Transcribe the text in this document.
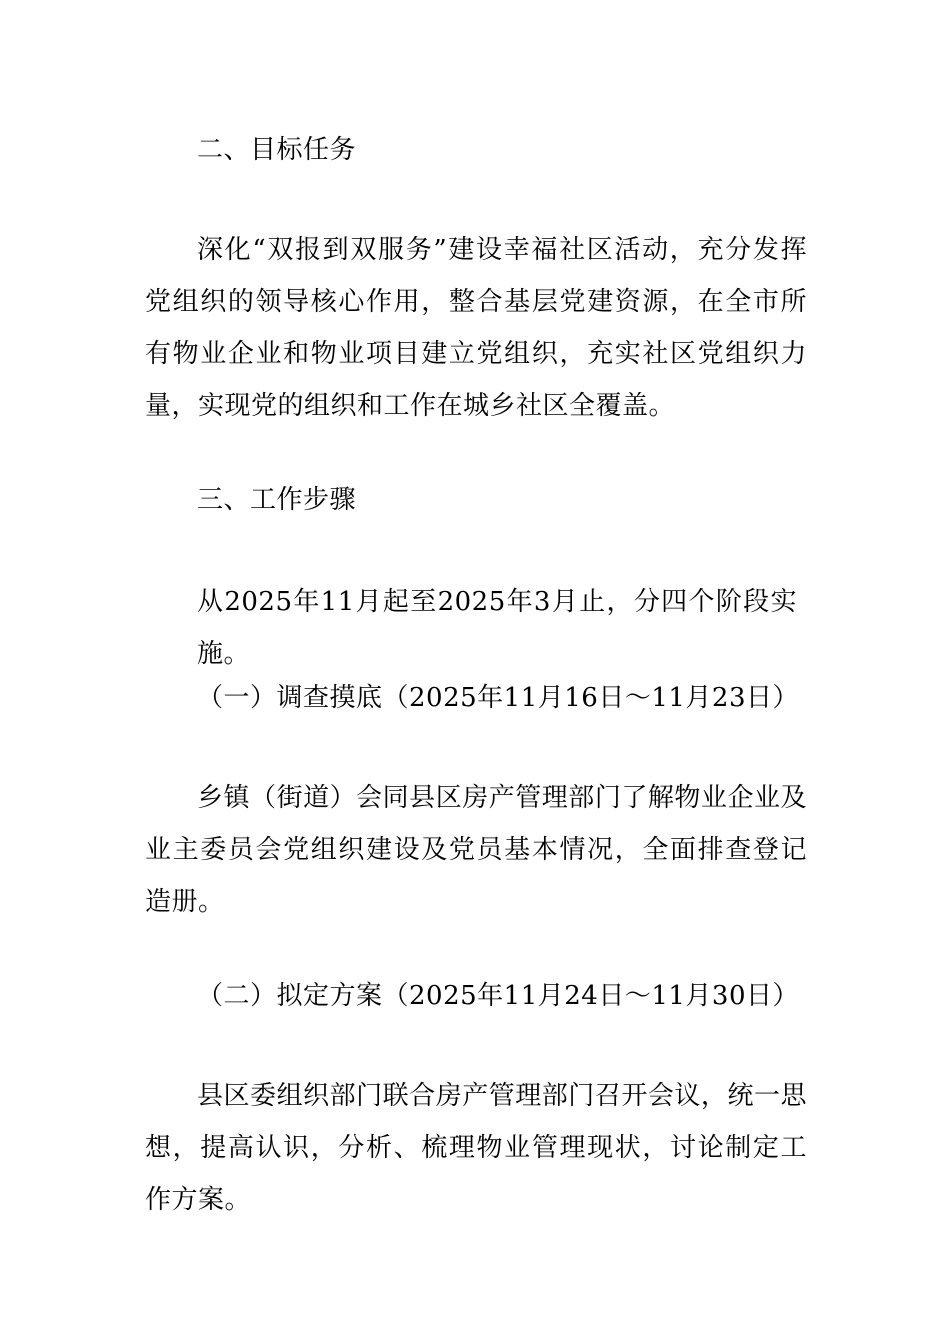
二、目标任务

深化“双报到双服务”建设幸福社区活动，充分发挥党组织的领导核心作用，整合基层党建资源，在全市所有物业企业和物业项目建立党组织，充实社区党组织力量，实现党的组织和工作在城乡社区全覆盖。

三、工作步骤

从2025年11月起至2025年3月止，分四个阶段实施。

（一）调查摸底（2025年11月16日～11月23日）

乡镇（街道）会同县区房产管理部门了解物业企业及业主委员会党组织建设及党员基本情况，全面排查登记造册。

（二）拟定方案（2025年11月24日～11月30日）

县区委组织部门联合房产管理部门召开会议，统一思想，提高认识，分析、梳理物业管理现状，讨论制定工作方案。
